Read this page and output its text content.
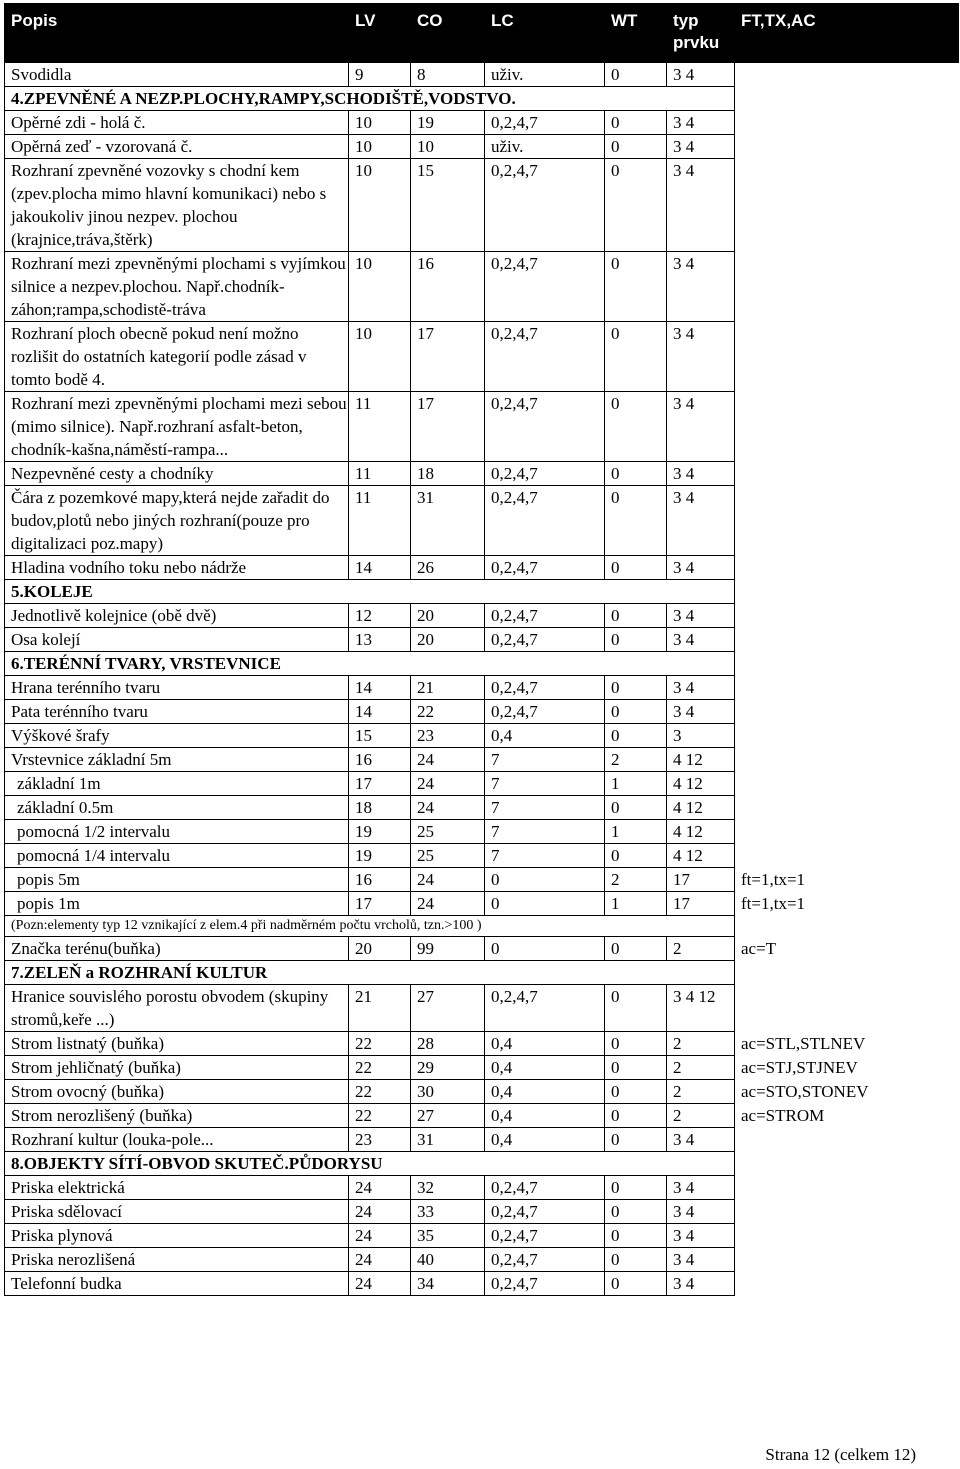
Popis	LV	CO	LC	WT	typ prvku	FT,TX,AC
Svodidla	9	8	uživ.	0	3 4	
4.ZPEVNĚNÉ A NEZP.PLOCHY,RAMPY,SCHODIŠTĚ,VODSTVO.						
Opěrné zdi - holá č.	10	19	0,2,4,7	0	3 4	
Opěrná zeď - vzorovaná č.	10	10	uživ.	0	3 4	
Rozhraní zpevněné vozovky s chodní kem (zpev.plocha mimo hlavní komunikaci) nebo s jakoukoliv jinou nezpev. plochou (krajnice,tráva,štěrk)	10	15	0,2,4,7	0	3 4	
Rozhraní mezi zpevněnými plochami s vyjímkou silnice a nezpev.plochou. Např.chodník-záhon;rampa,schodistě-tráva	10	16	0,2,4,7	0	3 4	
Rozhraní ploch obecně pokud není možno rozlišit do ostatních kategorií podle zásad v tomto bodě 4.	10	17	0,2,4,7	0	3 4	
Rozhraní mezi zpevněnými plochami mezi sebou (mimo silnice). Např.rozhraní asfalt-beton, chodník-kašna,náměstí-rampa...	11	17	0,2,4,7	0	3 4	
Nezpevněné cesty a chodníky	11	18	0,2,4,7	0	3 4	
Čára z pozemkové mapy,která nejde zařadit do budov,plotů nebo jiných rozhraní(pouze pro digitalizaci poz.mapy)	11	31	0,2,4,7	0	3 4	
Hladina vodního toku nebo nádrže	14	26	0,2,4,7	0	3 4	
5.KOLEJE						
Jednotlivě kolejnice (obě dvě)	12	20	0,2,4,7	0	3 4	
Osa kolejí	13	20	0,2,4,7	0	3 4	
6.TERÉNNÍ TVARY, VRSTEVNICE						
Hrana terénního tvaru	14	21	0,2,4,7	0	3 4	
Pata terénního tvaru	14	22	0,2,4,7	0	3 4	
Výškové šrafy	15	23	0,4	0	3	
Vrstevnice základní 5m	16	24	7	2	4 12	
základní 1m	17	24	7	1	4 12	
základní 0.5m	18	24	7	0	4 12	
pomocná 1/2 intervalu	19	25	7	1	4 12	
pomocná 1/4 intervalu	19	25	7	0	4 12	
popis 5m	16	24	0	2	17	ft=1,tx=1
popis 1m	17	24	0	1	17	ft=1,tx=1
(Pozn:elementy typ 12 vznikající z elem.4 při nadměrném počtu vrcholů, tzn.>100 )						
Značka terénu(buňka)	20	99	0	0	2	ac=T
7.ZELEŇ a ROZHRANÍ KULTUR						
Hranice souvislého porostu obvodem (skupiny stromů,keře ...)	21	27	0,2,4,7	0	3 4 12	
Strom listnatý (buňka)	22	28	0,4	0	2	ac=STL,STLNEV
Strom jehličnatý (buňka)	22	29	0,4	0	2	ac=STJ,STJNEV
Strom ovocný (buňka)	22	30	0,4	0	2	ac=STO,STONEV
Strom nerozlišený (buňka)	22	27	0,4	0	2	ac=STROM
Rozhraní kultur (louka-pole...	23	31	0,4	0	3 4	
8.OBJEKTY SÍTÍ-OBVOD SKUTEČ.PŮDORYSU						
Priska elektrická	24	32	0,2,4,7	0	3 4	
Priska sdělovací	24	33	0,2,4,7	0	3 4	
Priska plynová	24	35	0,2,4,7	0	3 4	
Priska nerozlišená	24	40	0,2,4,7	0	3 4	
Telefonní budka	24	34	0,2,4,7	0	3 4	
Strana 12 (celkem 12)
